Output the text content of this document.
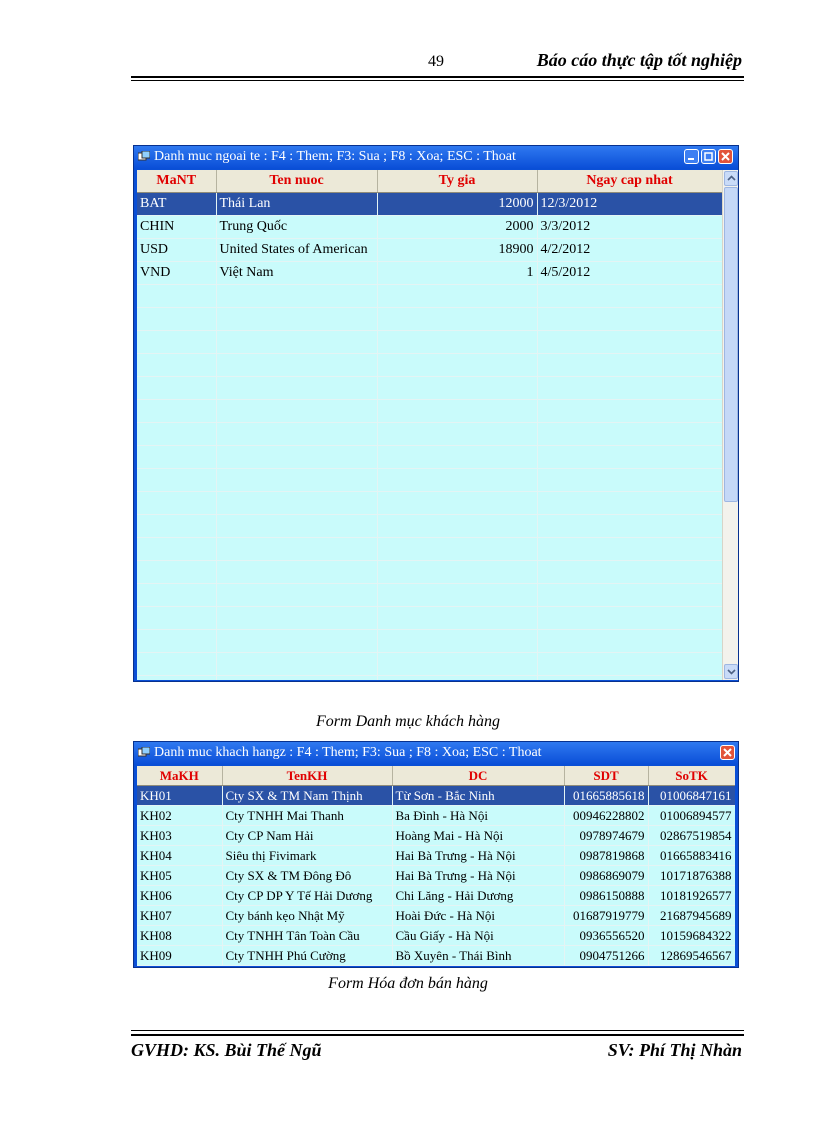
49	Báo cáo thực tập tốt nghiệp
Danh muc ngoai te : F4 : Them; F3: Sua ; F8 : Xoa; ESC : Thoat
MaNT	Ten nuoc	Ty gia	Ngay cap nhat
BAT	Thái Lan	12000	12/3/2012
CHIN	Trung Quốc	2000	3/3/2012
USD	United States of American	18900	4/2/2012
VND	Việt Nam	1	4/5/2012

Form Danh mục khách hàng
Danh muc khach hangz : F4 : Them; F3: Sua ; F8 : Xoa; ESC : Thoat
MaKH	TenKH	DC	SDT	SoTK
KH01	Cty SX & TM Nam Thịnh	Từ Sơn - Bắc Ninh	01665885618	01006847161
KH02	Cty TNHH Mai Thanh	Ba Đình - Hà Nội	00946228802	01006894577
KH03	Cty CP Nam Hải	Hoàng Mai - Hà Nội	0978974679	02867519854
KH04	Siêu thị Fivimark	Hai Bà Trưng - Hà Nội	0987819868	01665883416
KH05	Cty SX & TM Đông Đô	Hai Bà Trưng - Hà Nội	0986869079	10171876388
KH06	Cty CP DP Y Tế Hải Dương	Chi Lăng - Hải Dương	0986150888	10181926577
KH07	Cty bánh kẹo Nhật Mỹ	Hoài Đức - Hà Nội	01687919779	21687945689
KH08	Cty TNHH Tân Toàn Cầu	Cầu Giấy - Hà Nội	0936556520	10159684322
KH09	Cty TNHH Phú Cường	Bồ Xuyên - Thái Bình	0904751266	12869546567
Form Hóa đơn bán hàng
GVHD: KS. Bùi Thế Ngũ	SV: Phí Thị Nhàn
